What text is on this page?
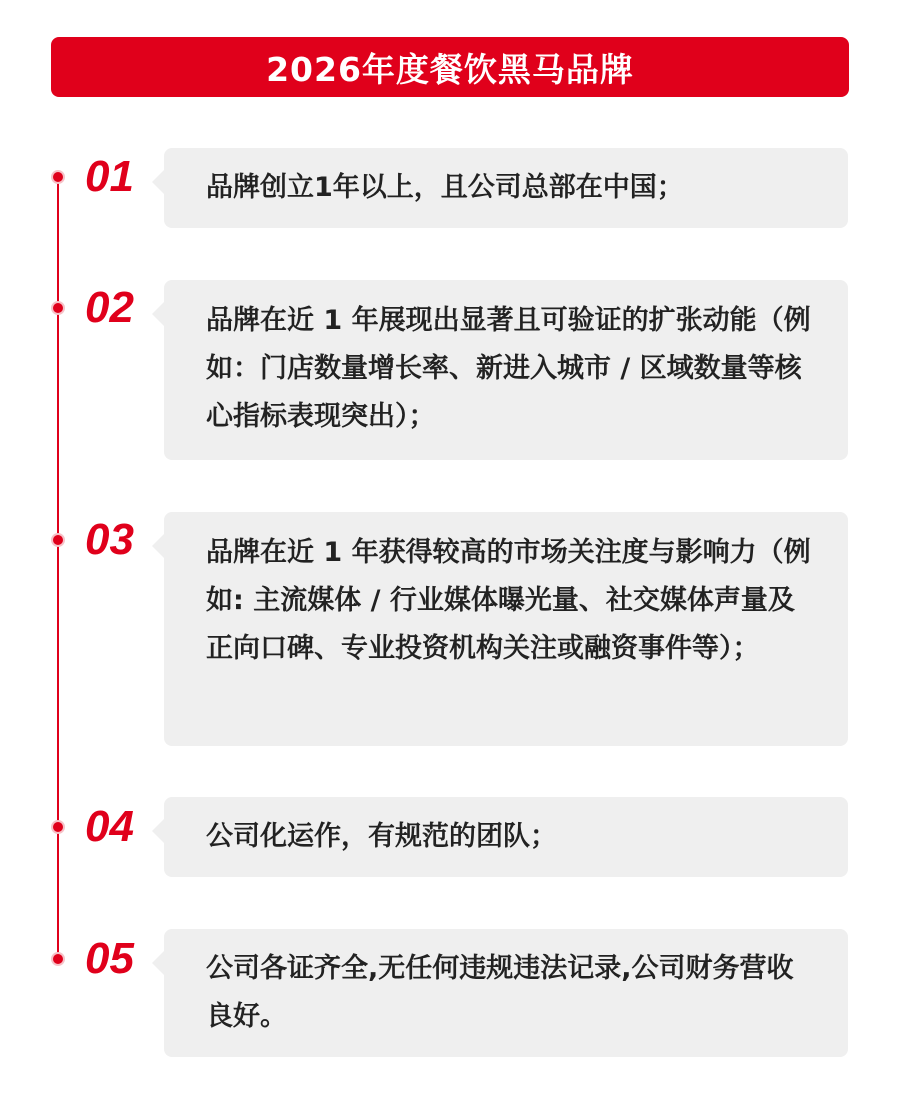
2026年度餐饮黑马品牌
01	品牌创立1年以上，且公司总部在中国；
02	品牌在近 1 年展现出显著且可验证的扩张动能（例如：门店数量增长率、新进入城市 / 区域数量等核心指标表现突出）；
03	品牌在近 1 年获得较高的市场关注度与影响力（例如: 主流媒体 / 行业媒体曝光量、社交媒体声量及正向口碑、专业投资机构关注或融资事件等）；
04	公司化运作，有规范的团队；
05	公司各证齐全,无任何违规违法记录,公司财务营收良好。
